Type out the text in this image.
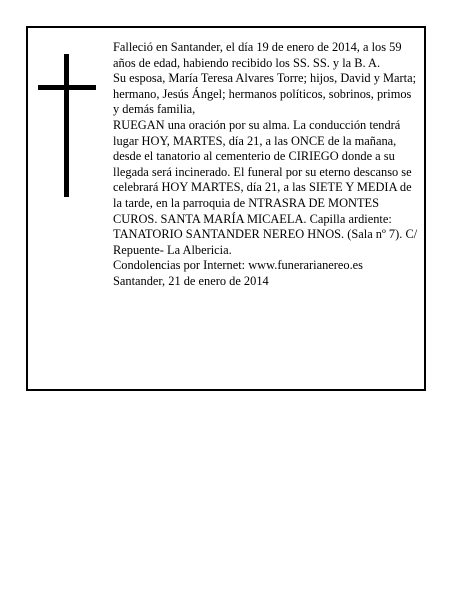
Falleció en Santander, el día 19 de enero de 2014, a los 59 años de edad, habiendo recibido los SS. SS. y la B. A.

Su esposa, María Teresa Alvares Torre; hijos, David y Marta; hermano, Jesús Ángel; hermanos políticos, sobrinos, primos y demás familia,

RUEGAN una oración por su alma. La conducción tendrá lugar HOY, MARTES, día 21, a las ONCE de la mañana, desde el tanatorio al cementerio de CIRIEGO donde a su llegada será incinerado. El funeral por su eterno descanso se celebrará HOY MARTES, día 21, a las SIETE Y MEDIA de la tarde, en la parroquia de NTRASRA DE MONTES CUROS. SANTA MARÍA MICAELA. Capilla ardiente: TANATORIO SANTANDER NEREO HNOS. (Sala nº 7). C/ Repuente- La Albericia.

Condolencias por Internet: www.funerarianereo.es

Santander, 21 de enero de 2014
